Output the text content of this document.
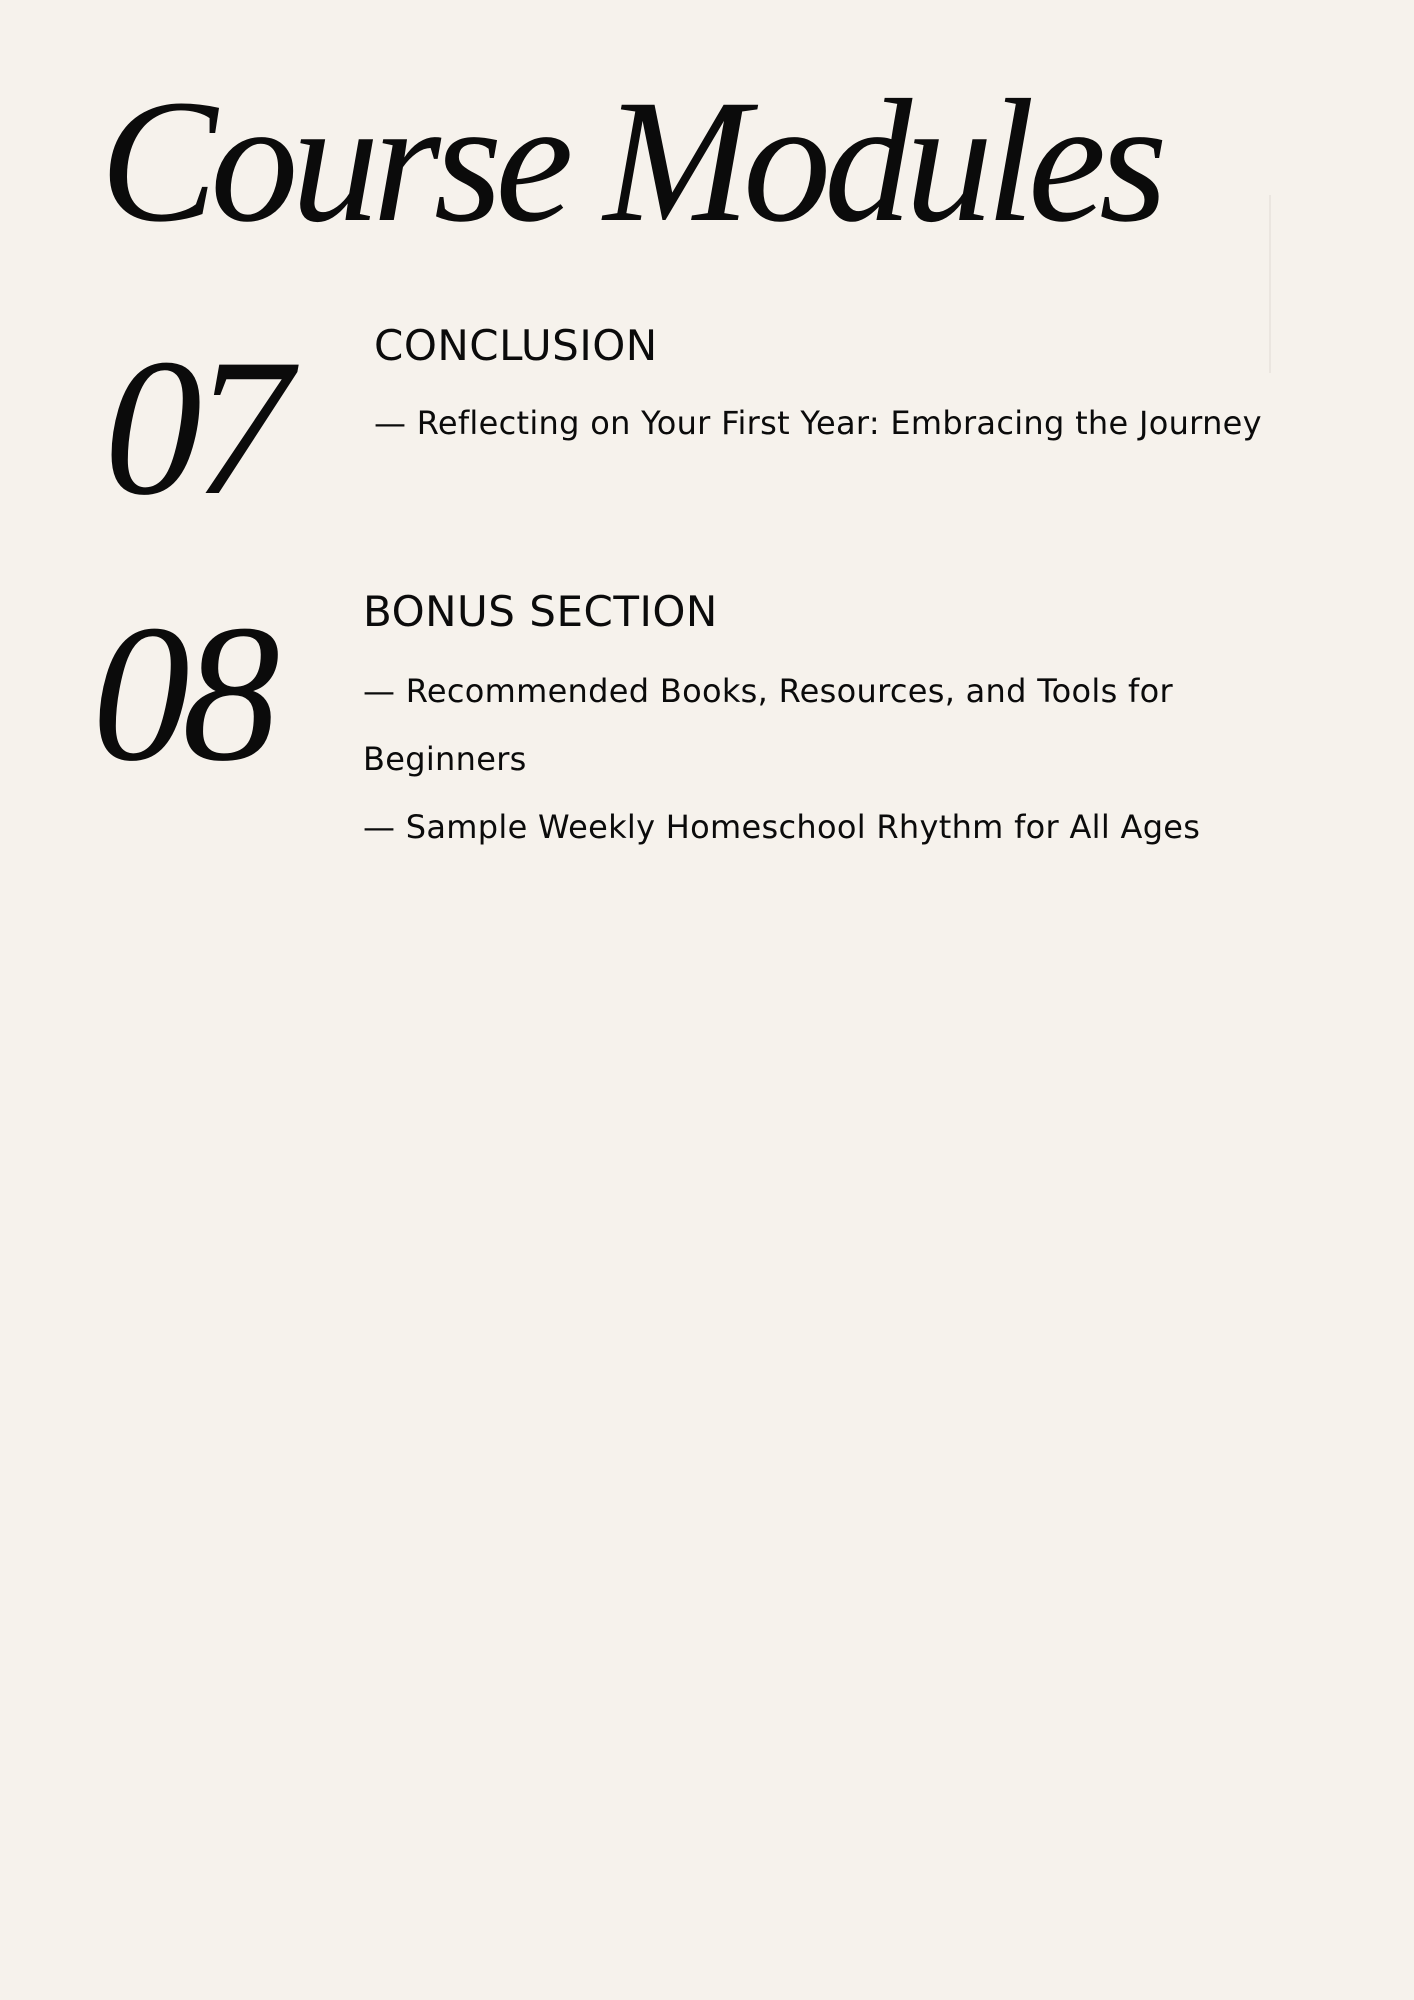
Course Modules
07 CONCLUSION

— Reflecting on Your First Year: Embracing the Journey

08 BONUS SECTION

— Recommended Books, Resources, and Tools for

Beginners

— Sample Weekly Homeschool Rhythm for All Ages
